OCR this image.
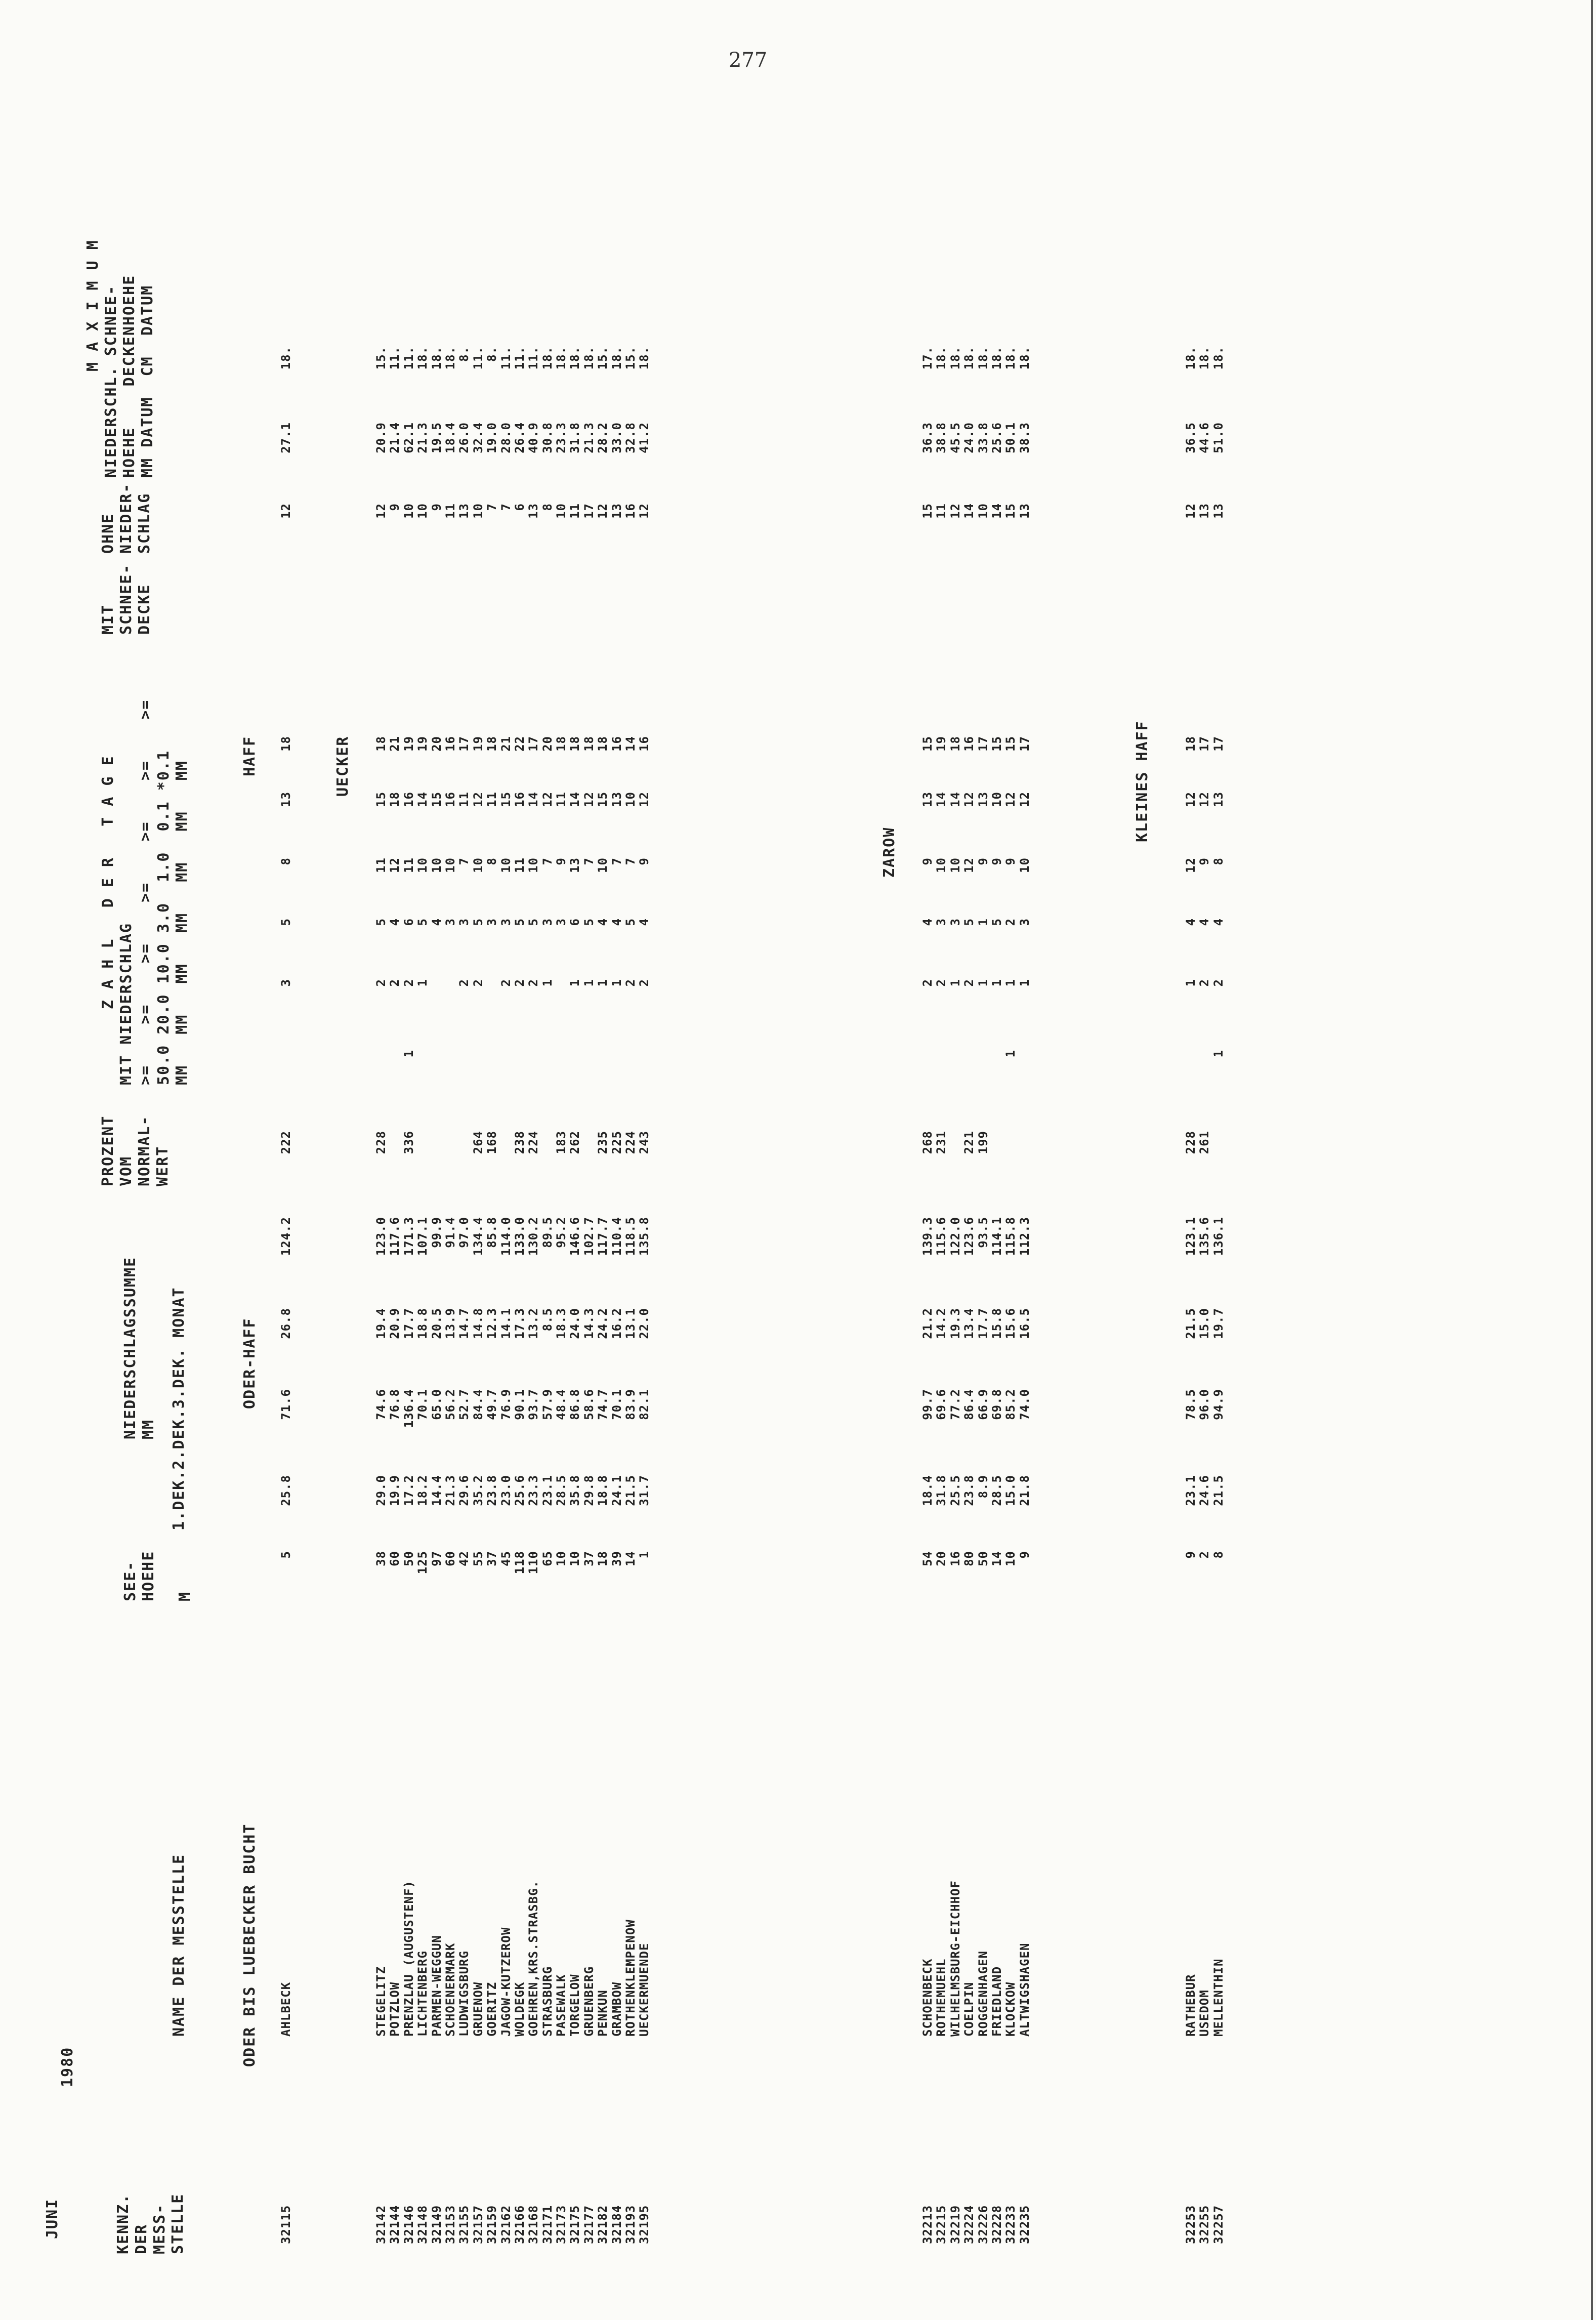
277
JUNI
1980
KENNZ.
DER
MESS-
STELLE
NAME DER MESSTELLE
SEE-
HOEHE

M
NIEDERSCHLAGSSUMME
MM 1.DEK.2.DEK.3.DEK. MONAT
PROZENT
VOM
NORMAL-
WERT
Z A H L   D E R   T A G E MIT NIEDERSCHLAG >=    >=    >=    >=    >=    >=    >=
50.0 20.0 10.0 3.0  1.0  0.1 *0.1
MM   MM   MM   MM   MM   MM   MM
MIT
SCHNEE-
DECKE
OHNE
NIEDER-
SCHLAG
M A X I M U M
NIEDERSCHL. SCHNEE-
HOEHE    DECKENHOEHE
MM DATUM  CM  DATUM
ODER BIS LUEBECKER BUCHT
ODER-HAFF
HAFF	UECKER
ZAROW
KLEINES HAFF
32115
AHLBECK
5
25.8
71.6
26.8
124.2
222
3
5
8
13
18
12
27.1
18.
32142
STEGELITZ
38
29.0
74.6
19.4
123.0
228
2
5
11
15
18
12
20.9
15.
32144
POTZLOW
60
19.9
76.8
20.9
117.6
2
4
12
18
21
9
21.4
11.
32146
PRENZLAU (AUGUSTENF)
50
17.2
136.4
17.7
171.3
336
1
2
6
11
16
19
10
62.1
11.
32148
LICHTENBERG
125
18.2
70.1
18.8
107.1
1
5
10
14
19
10
21.3
18.
32149
PARMEN-WEGGUN
97
14.4
65.0
20.5
99.9
4
10
15
20
9
19.5
18.
32153
SCHOENERMARK
60
21.3
56.2
13.9
91.4
3
10
16
16
11
18.4
18.
32155
LUDWIGSBURG
42
29.6
52.7
14.7
97.0
2
3
7
11
17
13
26.0
8.
32157
GRUENOW
55
35.2
84.4
14.8
134.4
264
2
5
10
12
19
10
32.4
11.
32159
GOERITZ
37
23.8
49.7
12.3
85.8
168
3
8
11
18
7
19.0
8.
32162
JAGOW-KUTZEROW
45
23.0
76.9
14.1
114.0
2
3
10
15
21
7
28.0
11.
32166
WOLDEGK
118
25.6
90.1
17.3
133.0
238
2
5
11
16
22
6
26.4
11.
32168
GOEHREN,KRS.STRASBG.
110
23.3
93.7
13.2
130.2
224
2
5
10
14
17
13
40.9
11.
32171
STRASBURG
65
23.1
57.9
8.5
89.5
1
3
7
12
20
8
30.8
18.
32173
PASEWALK
10
28.5
48.4
18.3
95.2
183
3
9
11
18
10
23.3
18.
32175
TORGELOW
10
35.8
86.8
24.0
146.6
262
1
6
13
14
18
11
31.8
18.
32177
GRUENBERG
37
29.8
58.6
14.3
102.7
1
5
7
12
18
17
21.3
18.
32182
PENKUN
18
18.8
74.7
24.2
117.7
235
1
4
10
15
18
12
28.2
15.
32184
GRAMBOW
39
24.1
70.1
16.2
110.4
225
1
4
7
13
16
13
33.0
18.
32193
ROTHENKLEMPENOW
14
21.5
83.9
13.1
118.5
224
2
5
7
10
14
16
32.8
15.
32195
UECKERMUENDE
1
31.7
82.1
22.0
135.8
243
2
4
9
12
16
12
41.2
18.
32213
SCHOENBECK
54
18.4
99.7
21.2
139.3
268
2
4
9
13
15
15
36.3
17.
32215
ROTHEMUEHL
20
31.8
69.6
14.2
115.6
231
2
3
10
14
19
11
38.8
18.
32219
WILHELMSBURG-EICHHOF
16
25.5
77.2
19.3
122.0
1
3
10
14
18
12
45.5
18.
32224
COELPIN
80
23.8
86.4
13.4
123.6
221
2
5
12
12
16
14
24.0
18.
32226
ROGGENHAGEN
50
8.9
66.9
17.7
93.5
199
1
1
9
13
17
10
33.8
18.
32228
FRIEDLAND
14
28.5
69.8
15.8
114.1
1
5
9
10
15
14
25.6
18.
32233
KLOCKOW
10
15.0
85.2
15.6
115.8
1
1
2
9
12
15
15
50.1
18.
32235
ALTWIGSHAGEN
9
21.8
74.0
16.5
112.3
1
3
10
12
17
13
38.3
18.
32253
RATHEBUR
9
23.1
78.5
21.5
123.1
228
1
4
12
12
18
12
36.5
18.
32255
USEDOM
2
24.6
96.0
15.0
135.6
261
2
4
9
12
17
13
44.6
18.
32257
MELLENTHIN
8
21.5
94.9
19.7
136.1
1
2
4
8
13
17
13
51.0
18.
